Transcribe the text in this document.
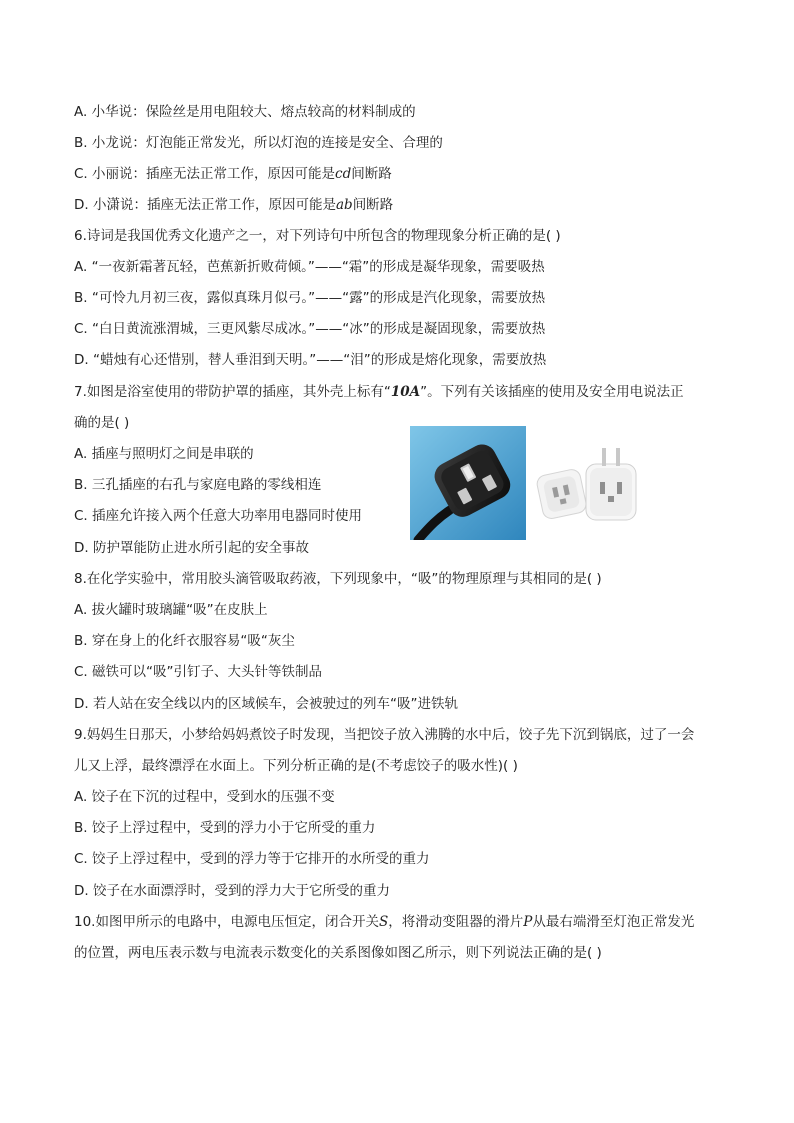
A. 小华说：保险丝是用电阻较大、熔点较高的材料制成的
B. 小龙说：灯泡能正常发光，所以灯泡的连接是安全、合理的
C. 小丽说：插座无法正常工作，原因可能是cd间断路
D. 小潇说：插座无法正常工作，原因可能是ab间断路
6.诗词是我国优秀文化遗产之一，对下列诗句中所包含的物理现象分析正确的是( )
A. “一夜新霜著瓦轻，芭蕉新折败荷倾。”——“霜”的形成是凝华现象，需要吸热
B. “可怜九月初三夜，露似真珠月似弓。”——“露”的形成是汽化现象，需要放热
C. “白日黄流涨渭城，三更风紫尽成冰。”——“冰”的形成是凝固现象，需要放热
D. “蜡烛有心还惜别，替人垂泪到天明。”——“泪”的形成是熔化现象，需要放热
7.如图是浴室使用的带防护罩的插座，其外壳上标有“10A”。下列有关该插座的使用及安全用电说法正
确的是( )
A. 插座与照明灯之间是串联的
B. 三孔插座的右孔与家庭电路的零线相连
C. 插座允许接入两个任意大功率用电器同时使用
D. 防护罩能防止进水所引起的安全事故
8.在化学实验中，常用胶头滴管吸取药液，下列现象中，“吸”的物理原理与其相同的是( )
A. 拔火罐时玻璃罐“吸”在皮肤上
B. 穿在身上的化纤衣服容易“吸“灰尘
C. 磁铁可以“吸”引钉子、大头针等铁制品
D. 若人站在安全线以内的区域候车，会被驶过的列车“吸”进铁轨
9.妈妈生日那天，小梦给妈妈煮饺子时发现，当把饺子放入沸腾的水中后，饺子先下沉到锅底，过了一会
儿又上浮，最终漂浮在水面上。下列分析正确的是(不考虑饺子的吸水性)( )
A. 饺子在下沉的过程中，受到水的压强不变
B. 饺子上浮过程中，受到的浮力小于它所受的重力
C. 饺子上浮过程中，受到的浮力等于它排开的水所受的重力
D. 饺子在水面漂浮时，受到的浮力大于它所受的重力
10.如图甲所示的电路中，电源电压恒定，闭合开关S，将滑动变阻器的滑片P从最右端滑至灯泡正常发光
的位置，两电压表示数与电流表示数变化的关系图像如图乙所示，则下列说法正确的是( )
